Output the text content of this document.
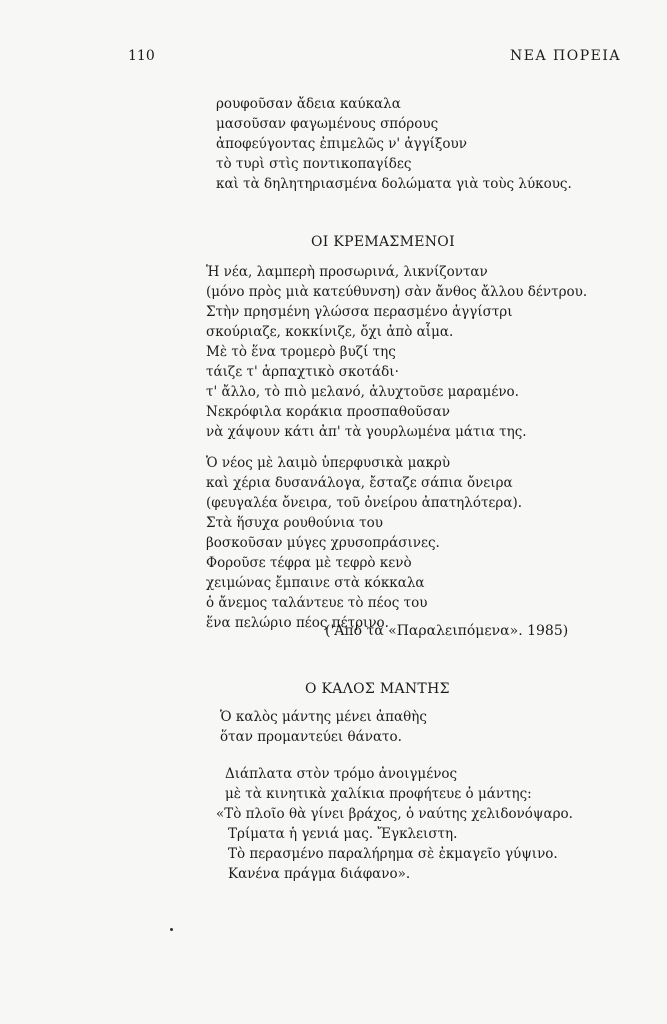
110	ΝΕΑ ΠΟΡΕΙΑ
ρουφοῦσαν ἄδεια καύκαλα
μασοῦσαν φαγωμένους σπόρους
ἀποφεύγοντας ἐπιμελῶς ν' ἀγγίξουν
τὸ τυρὶ στὶς ποντικοπαγίδες
καὶ τὰ δηλητηριασμένα δολώματα γιὰ τοὺς λύκους.
ΟΙ ΚΡΕΜΑΣΜΕΝΟΙ
Ἡ νέα, λαμπερὴ προσωρινά, λικνίζονταν
(μόνο πρὸς μιὰ κατεύθυνση) σὰν ἄνθος ἄλλου δέντρου.
Στὴν πρησμένη γλώσσα περασμένο ἀγγίστρι
σκούριαζε, κοκκίνιζε, ὄχι ἀπὸ αἷμα.
Μὲ τὸ ἕνα τρομερὸ βυζί της
τάιζε τ' ἁρπαχτικὸ σκοτάδι·
τ' ἄλλο, τὸ πιὸ μελανό, ἀλυχτοῦσε μαραμένο.
Νεκρόφιλα κοράκια προσπαθοῦσαν
νὰ χάψουν κάτι ἀπ' τὰ γουρλωμένα μάτια της.
Ὁ νέος μὲ λαιμὸ ὑπερφυσικὰ μακρὺ
καὶ χέρια δυσανάλογα, ἔσταζε σάπια ὄνειρα
(φευγαλέα ὄνειρα, τοῦ ὀνείρου ἀπατηλότερα).
Στὰ ἥσυχα ρουθούνια του
βοσκοῦσαν μύγες χρυσοπράσινες.
Φοροῦσε τέφρα μὲ τεφρὸ κενὸ
χειμώνας ἔμπαινε στὰ κόκκαλα
ὁ ἄνεμος ταλάντευε τὸ πέος του
ἕνα πελώριο πέος πέτρινο.
('Απὸ τὰ «Παραλειπόμενα». 1985)
Ο ΚΑΛΟΣ ΜΑΝΤΗΣ
Ὁ καλὸς μάντης μένει ἀπαθὴς
ὅταν προμαντεύει θάνατο.
Διάπλατα στὸν τρόμο ἀνοιγμένος
μὲ τὰ κινητικὰ χαλίκια προφήτευε ὁ μάντης:
«Τὸ πλοῖο θὰ γίνει βράχος, ὁ ναύτης χελιδονόψαρο.
Τρίματα ἡ γενιά μας. Ἔγκλειστη.
Τὸ περασμένο παραλήρημα σὲ ἐκμαγεῖο γύψινο.
Κανένα πράγμα διάφανο».
